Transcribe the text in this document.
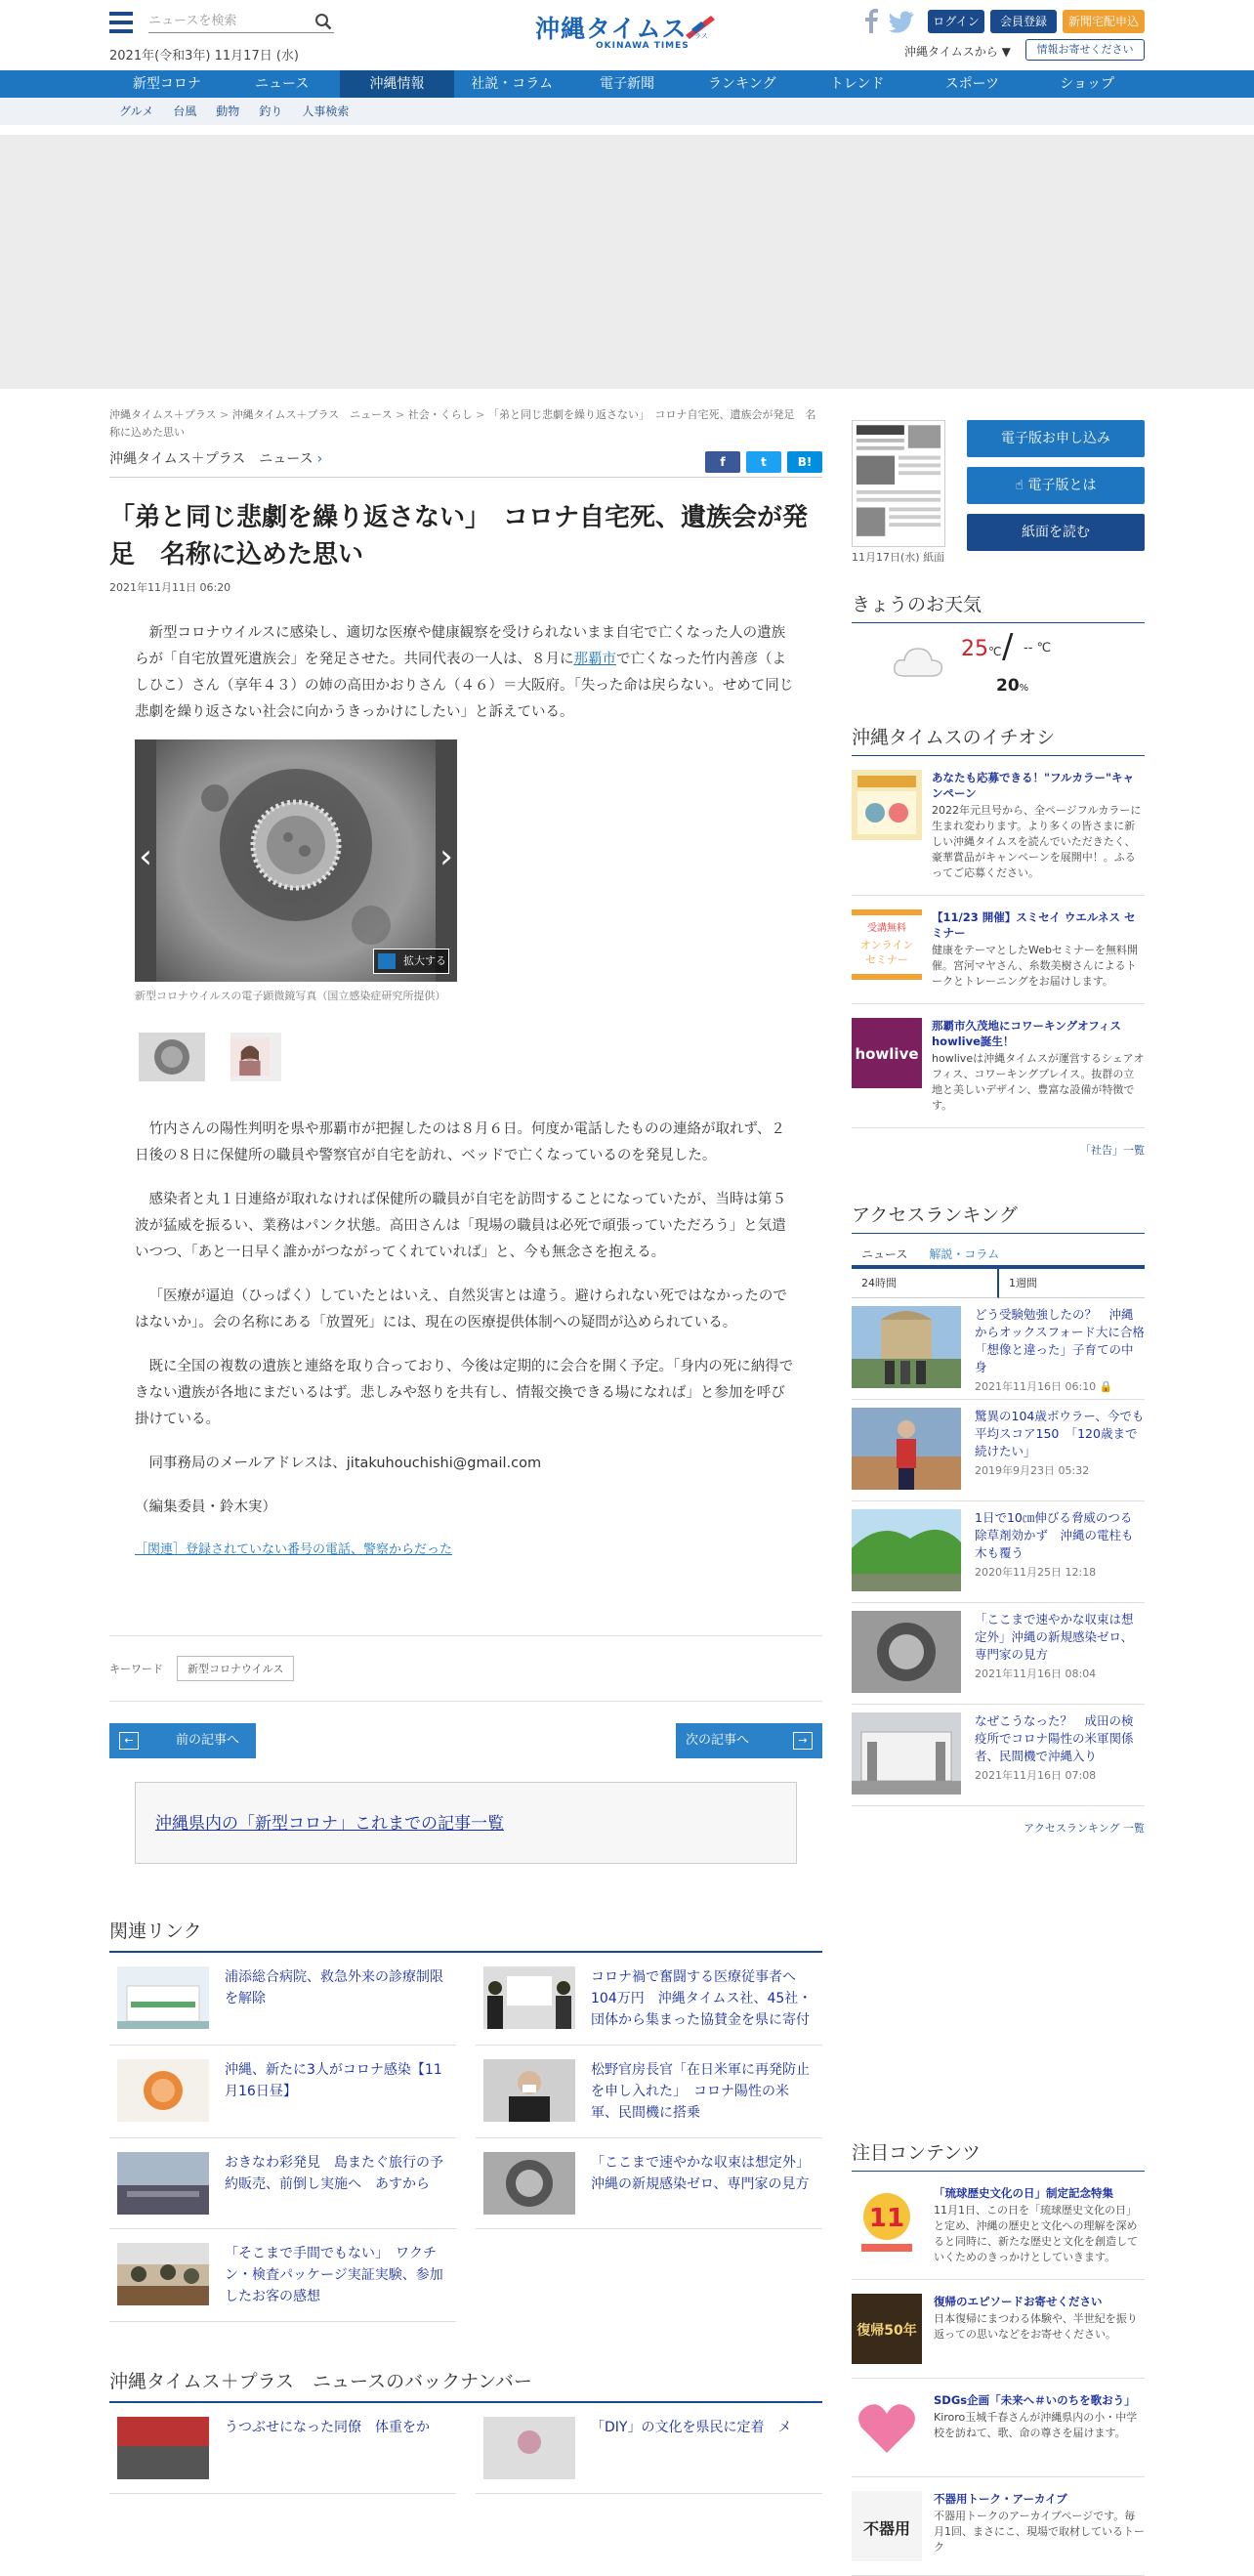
ニュースを検索
2021年(令和3年) 11月17日 (水)
沖縄タイムス
OKINAWA TIMES
プラス
ログイン	会員登録	新聞宅配申込
沖縄タイムスから ▼	情報お寄せください
新型コロナ	ニュース	沖縄情報	社説・コラム	電子新聞	ランキング	トレンド	スポーツ	ショップ
グルメ 台風 動物 釣り 人事検索
沖縄タイムス＋プラス > 沖縄タイムス＋プラス　ニュース > 社会・くらし > 「弟と同じ悲劇を繰り返さない」　コロナ自宅死、遺族会が発足　名称に込めた思い
沖縄タイムス＋プラス　ニュース ›	f	t	B!
「弟と同じ悲劇を繰り返さない」　コロナ自宅死、遺族会が発足　名称に込めた思い
2021年11月11日 06:20

新型コロナウイルスに感染し、適切な医療や健康観察を受けられないまま自宅で亡くなった人の遺族らが「自宅放置死遺族会」を発足させた。共同代表の一人は、８月に那覇市で亡くなった竹内善彦（よしひこ）さん（享年４３）の姉の高田かおりさん（４６）＝大阪府。「失った命は戻らない。せめて同じ悲劇を繰り返さない社会に向かうきっかけにしたい」と訴えている。

‹	›
拡大する
新型コロナウイルスの電子顕微鏡写真（国立感染症研究所提供）

竹内さんの陽性判明を県や那覇市が把握したのは８月６日。何度か電話したものの連絡が取れず、２日後の８日に保健所の職員や警察官が自宅を訪れ、ベッドで亡くなっているのを発見した。

感染者と丸１日連絡が取れなければ保健所の職員が自宅を訪問することになっていたが、当時は第５波が猛威を振るい、業務はパンク状態。高田さんは「現場の職員は必死で頑張っていただろう」と気遣いつつ、「あと一日早く誰かがつながってくれていれば」と、今も無念さを抱える。

「医療が逼迫（ひっぱく）していたとはいえ、自然災害とは違う。避けられない死ではなかったのではないか」。会の名称にある「放置死」には、現在の医療提供体制への疑問が込められている。

既に全国の複数の遺族と連絡を取り合っており、今後は定期的に会合を開く予定。「身内の死に納得できない遺族が各地にまだいるはず。悲しみや怒りを共有し、情報交換できる場になれば」と参加を呼び掛けている。

同事務局のメールアドレスは、jitakuhouchishi@gmail.com

（編集委員・鈴木実）

［関連］登録されていない番号の電話、警察からだった
キーワード	新型コロナウイルス
←	前の記事へ	次の記事へ	→
沖縄県内の「新型コロナ」これまでの記事一覧
関連リンク
浦添総合病院、救急外来の診療制限を解除
コロナ禍で奮闘する医療従事者へ104万円　沖縄タイムス社、45社・団体から集まった協賛金を県に寄付
沖縄、新たに3人がコロナ感染【11月16日昼】
松野官房長官「在日米軍に再発防止を申し入れた」　コロナ陽性の米軍、民間機に搭乗
おきなわ彩発見　島またぐ旅行の予約販売、前倒し実施へ　あすから
「ここまで速やかな収束は想定外」沖縄の新規感染ゼロ、専門家の見方
「そこまで手間でもない」　ワクチン・検査パッケージ実証実験、参加したお客の感想
沖縄タイムス＋プラス　ニュースのバックナンバー
うつぶせになった同僚　体重をか	「DIY」の文化を県民に定着　メ
11月17日(水) 紙面
電子版お申し込み
☝ 電子版とは
紙面を読む
きょうのお天気
25℃ / -- ℃
20%
沖縄タイムスのイチオシ
あなたも応募できる！"フルカラー"キャンペーン
2022年元旦号から、全ページフルカラーに生まれ変わります。より多くの皆さまに新しい沖縄タイムスを読んでいただきたく、豪華賞品がキャンペーンを展開中！。ふるってご応募ください。
受講無料
オンライン
セミナー
【11/23 開催】スミセイ ウエルネス セミナー
健康をテーマとしたWebセミナーを無料開催。宮河マヤさん、糸数美樹さんによるトークとトレーニングをお届けします。
howlive
那覇市久茂地にコワーキングオフィスhowlive誕生！
howliveは沖縄タイムスが運営するシェアオフィス、コワーキングプレイス。抜群の立地と美しいデザイン、豊富な設備が特徴です。
「社告」一覧
アクセスランキング
ニュース 解説・コラム
24時間	1週間
どう受験勉強したの？　沖縄からオックスフォード大に合格　「想像と違った」子育ての中身
2021年11月16日 06:10 🔒
驚異の104歳ボウラー、今でも平均スコア150　「120歳まで続けたい」
2019年9月23日 05:32
1日で10㎝伸びる脅威のつる　除草剤効かず　沖縄の電柱も木も覆う
2020年11月25日 12:18
「ここまで速やかな収束は想定外」沖縄の新規感染ゼロ、専門家の見方
2021年11月16日 08:04
なぜこうなった？　成田の検疫所でコロナ陽性の米軍関係者、民間機で沖縄入り
2021年11月16日 07:08
アクセスランキング 一覧
注目コンテンツ
11
「琉球歴史文化の日」制定記念特集
11月1日、この日を「琉球歴史文化の日」と定め、沖縄の歴史と文化への理解を深めると同時に、新たな歴史と文化を創造していくためのきっかけとしていきます。
復帰50年
復帰のエピソードお寄せください
日本復帰にまつわる体験や、半世紀を振り返っての思いなどをお寄せください。
SDGs企画「未来へ＃いのちを歌おう」
Kiroro玉城千春さんが沖縄県内の小・中学校を訪ねて、歌、命の尊さを届けます。
不器用
不器用トーク・アーカイブ
不器用トークのアーカイブページです。毎月1回、まさにこ、現場で取材しているトーク
